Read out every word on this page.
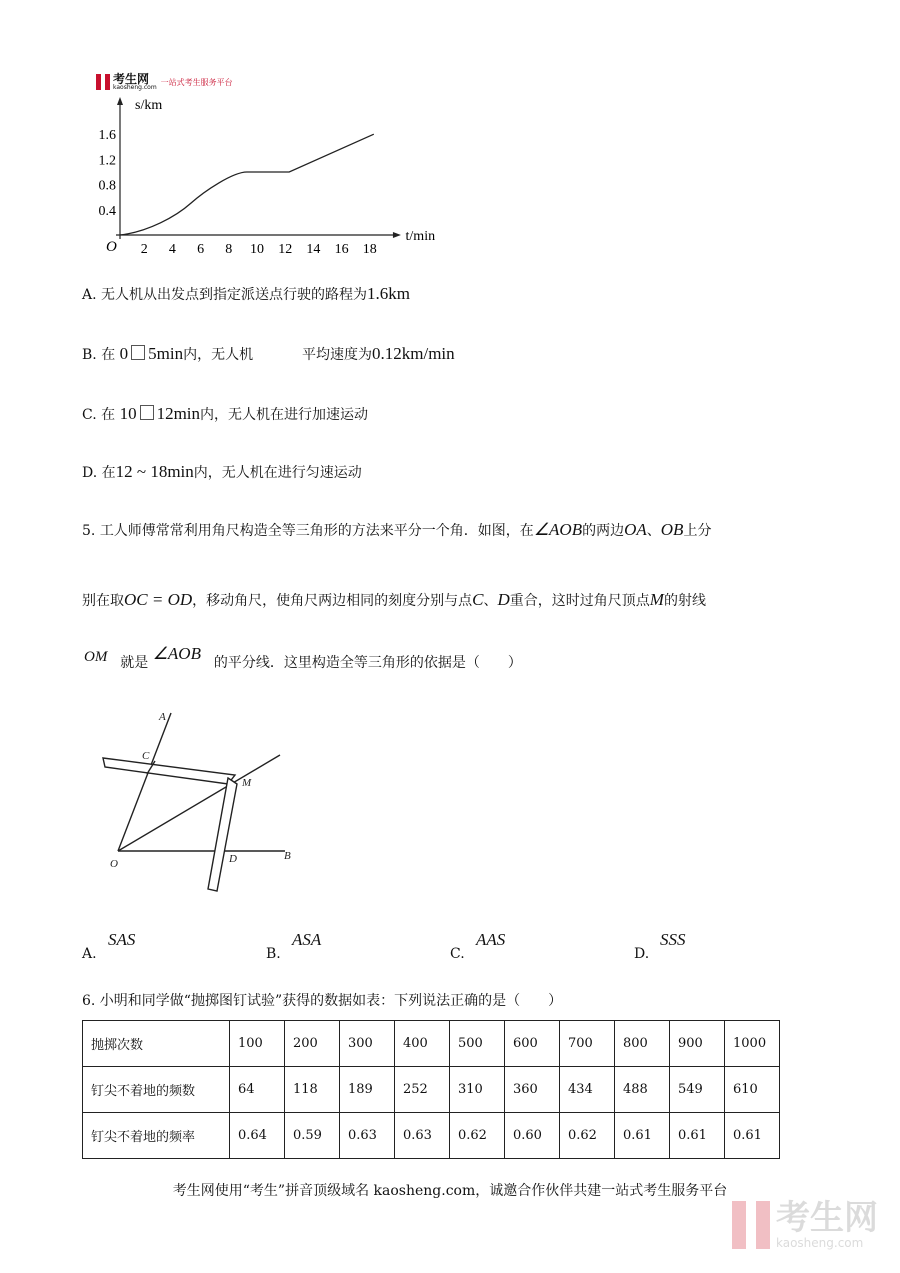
考生网
kaosheng.com
一站式考生服务平台
0.4
0.8
1.2
1.6
2 4 6 8 10 12 14 16 18
O
s/km
t/min
A. 无人机从出发点到指定派送点行驶的路程为1.6km
B. 在 0 5min内，无人机	平均速度为0.12km/min
C. 在 10 12min内，无人机在进行加速运动
D. 在12 ~ 18min内，无人机在进行匀速运动
5. 工人师傅常常利用角尺构造全等三角形的方法来平分一个角．如图，在∠AOB的两边OA、OB上分
别在取OC = OD，移动角尺，使角尺两边相同的刻度分别与点C、D重合，这时过角尺顶点M的射线
OM 就是 ∠AOB 的平分线．这里构造全等三角形的依据是（　　）
A
C
M
O	D	B
A.
SAS
B.
ASA
C.
AAS
D.
SSS
6. 小明和同学做“抛掷图钉试验”获得的数据如表：下列说法正确的是（　　）
抛掷次数	100	200	300	400	500	600	700	800	900	1000
钉尖不着地的频数	64	118	189	252	310	360	434	488	549	610
钉尖不着地的频率	0.64	0.59	0.63	0.63	0.62	0.60	0.62	0.61	0.61	0.61
考生网使用“考生”拼音顶级域名 kaosheng.com，诚邀合作伙伴共建一站式考生服务平台
考生网
kaosheng.com
